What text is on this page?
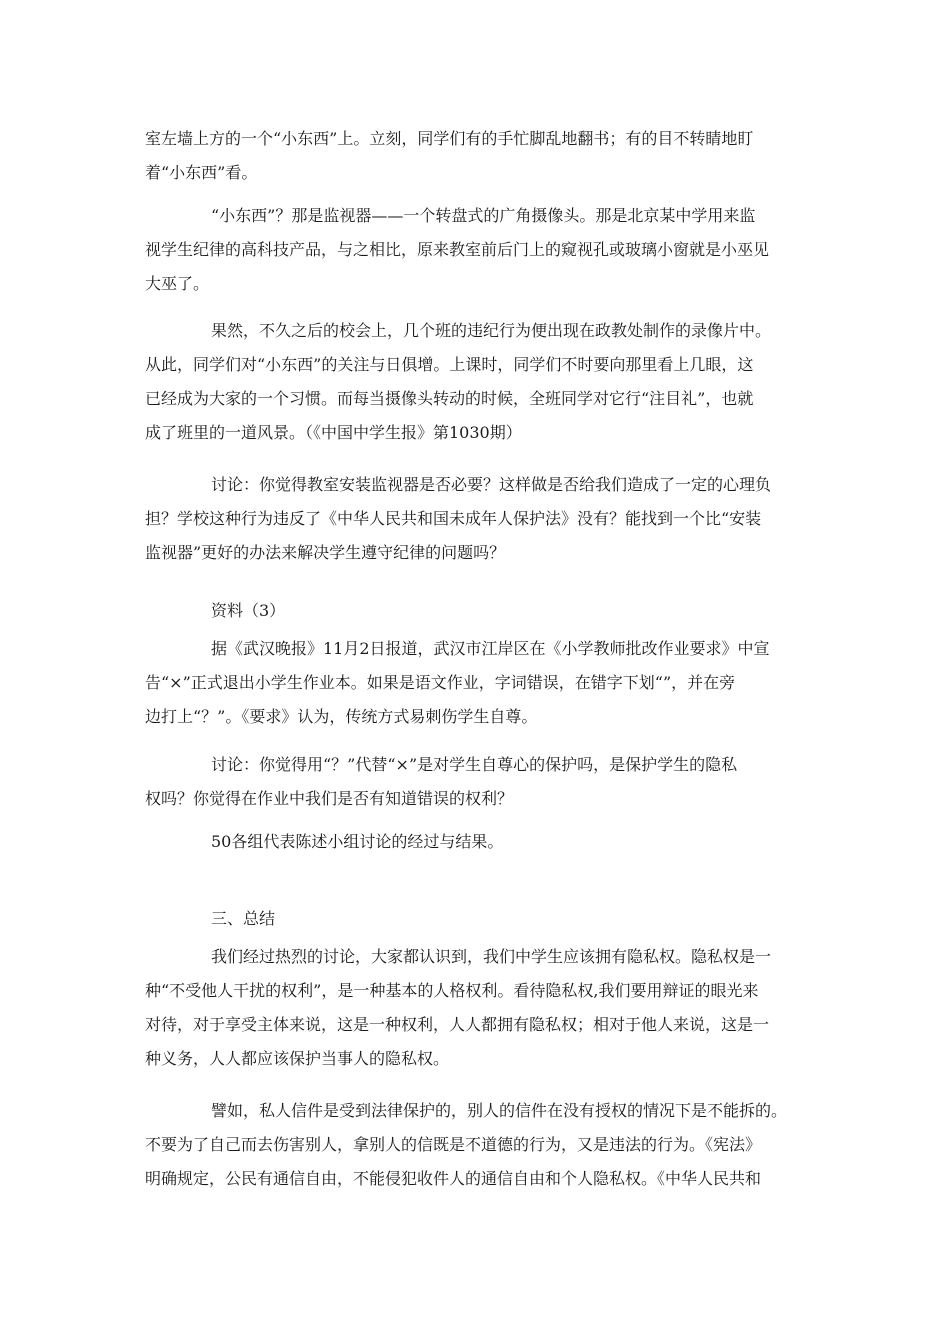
室左墙上方的一个“小东西”上。立刻，同学们有的手忙脚乱地翻书；有的目不转睛地盯
着“小东西”看。
“小东西”？那是监视器——一个转盘式的广角摄像头。那是北京某中学用来监
视学生纪律的高科技产品，与之相比，原来教室前后门上的窥视孔或玻璃小窗就是小巫见
大巫了。
果然，不久之后的校会上，几个班的违纪行为便出现在政教处制作的录像片中。
从此，同学们对“小东西”的关注与日俱增。上课时，同学们不时要向那里看上几眼，这
已经成为大家的一个习惯。而每当摄像头转动的时候，全班同学对它行“注目礼”，也就
成了班里的一道风景。（《中国中学生报》第1030期）
讨论：你觉得教室安装监视器是否必要？这样做是否给我们造成了一定的心理负
担？学校这种行为违反了《中华人民共和国未成年人保护法》没有？能找到一个比“安装
监视器”更好的办法来解决学生遵守纪律的问题吗？
资料（3）
据《武汉晚报》11月2日报道，武汉市江岸区在《小学教师批改作业要求》中宣
告“×”正式退出小学生作业本。如果是语文作业，字词错误，在错字下划“”，并在旁
边打上“？”。《要求》认为，传统方式易刺伤学生自尊。
讨论：你觉得用“？”代替“×”是对学生自尊心的保护吗，是保护学生的隐私
权吗？你觉得在作业中我们是否有知道错误的权利？
50各组代表陈述小组讨论的经过与结果。
三、总结
我们经过热烈的讨论，大家都认识到，我们中学生应该拥有隐私权。隐私权是一
种“不受他人干扰的权利”，是一种基本的人格权利。看待隐私权,我们要用辩证的眼光来
对待，对于享受主体来说，这是一种权利，人人都拥有隐私权；相对于他人来说，这是一
种义务，人人都应该保护当事人的隐私权。
譬如，私人信件是受到法律保护的，别人的信件在没有授权的情况下是不能拆的。
不要为了自己而去伤害别人，拿别人的信既是不道德的行为，又是违法的行为。《宪法》
明确规定，公民有通信自由，不能侵犯收件人的通信自由和个人隐私权。《中华人民共和
